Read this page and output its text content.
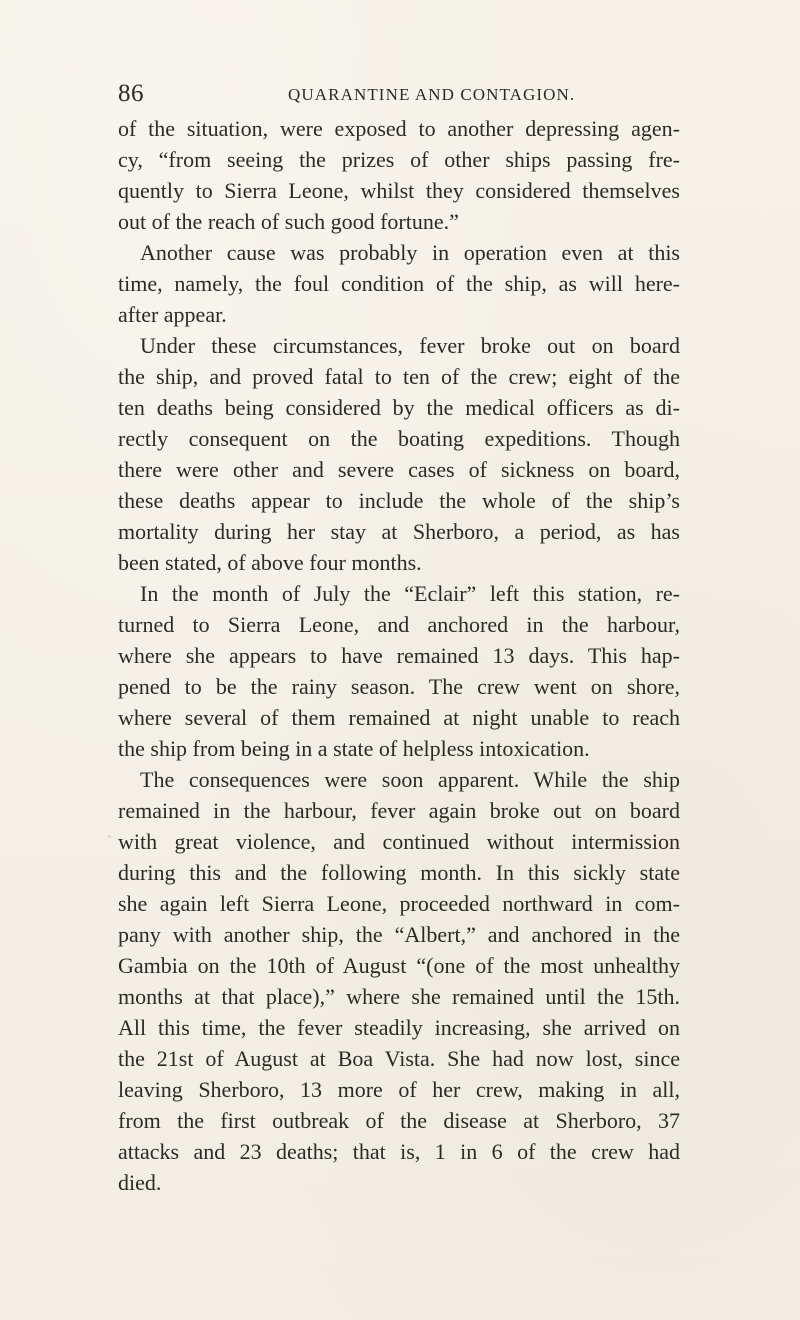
86	QUARANTINE AND CONTAGION.
of the situation, were exposed to another depressing agen-
cy, “from seeing the prizes of other ships passing fre-
quently to Sierra Leone, whilst they considered themselves
out of the reach of such good fortune.”
Another cause was probably in operation even at this
time, namely, the foul condition of the ship, as will here-
after appear.
Under these circumstances, fever broke out on board
the ship, and proved fatal to ten of the crew; eight of the
ten deaths being considered by the medical officers as di-
rectly consequent on the boating expeditions. Though
there were other and severe cases of sickness on board,
these deaths appear to include the whole of the ship’s
mortality during her stay at Sherboro, a period, as has
been stated, of above four months.
In the month of July the “Eclair” left this station, re-
turned to Sierra Leone, and anchored in the harbour,
where she appears to have remained 13 days. This hap-
pened to be the rainy season. The crew went on shore,
where several of them remained at night unable to reach
the ship from being in a state of helpless intoxication.
The consequences were soon apparent. While the ship
remained in the harbour, fever again broke out on board
with great violence, and continued without intermission
during this and the following month. In this sickly state
she again left Sierra Leone, proceeded northward in com-
pany with another ship, the “Albert,” and anchored in the
Gambia on the 10th of August “(one of the most unhealthy
months at that place),” where she remained until the 15th.
All this time, the fever steadily increasing, she arrived on
the 21st of August at Boa Vista. She had now lost, since
leaving Sherboro, 13 more of her crew, making in all,
from the first outbreak of the disease at Sherboro, 37
attacks and 23 deaths; that is, 1 in 6 of the crew had
died.
